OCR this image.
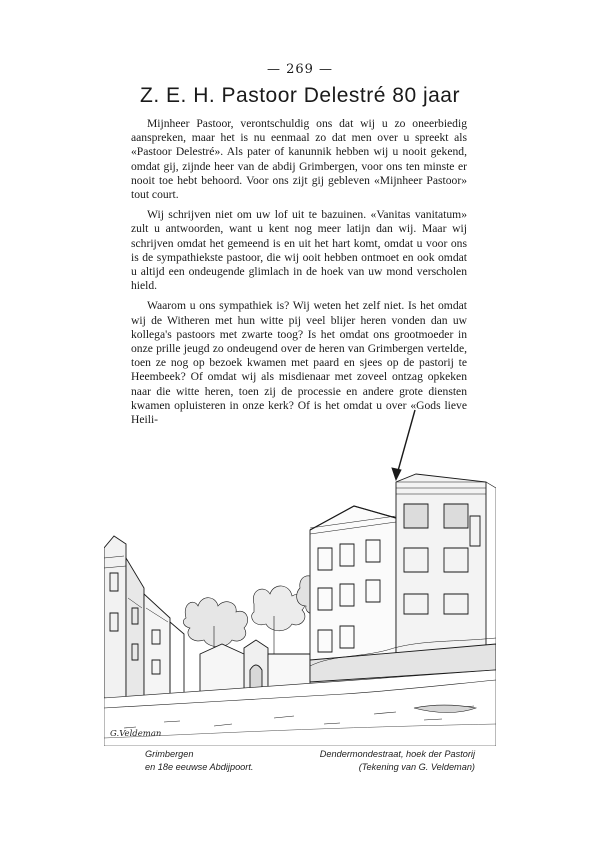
— 269 —
Z. E. H. Pastoor Delestré 80 jaar

Mijnheer Pastoor, verontschuldig ons dat wij u zo oneerbiedig aanspreken, maar het is nu eenmaal zo dat men over u spreekt als «Pastoor Delestré». Als pater of kanunnik hebben wij u nooit gekend, omdat gij, zijnde heer van de abdij Grimbergen, voor ons ten minste er nooit toe hebt behoord. Voor ons zijt gij gebleven «Mijnheer Pastoor» tout court.

Wij schrijven niet om uw lof uit te bazuinen. «Vanitas vanitatum» zult u antwoorden, want u kent nog meer latijn dan wij. Maar wij schrijven omdat het gemeend is en uit het hart komt, omdat u voor ons is de sympathiekste pastoor, die wij ooit hebben ontmoet en ook omdat u altijd een ondeugende glimlach in de hoek van uw mond verscholen hield.

Waarom u ons sympathiek is? Wij weten het zelf niet. Is het omdat wij de Witheren met hun witte pij veel blijer heren vonden dan uw kollega's pastoors met zwarte toog? Is het omdat ons grootmoeder in onze prille jeugd zo ondeugend over de heren van Grimbergen vertelde, toen ze nog op bezoek kwamen met paard en sjees op de pastorij te Heembeek? Of omdat wij als misdienaar met zoveel ontzag opkeken naar die witte heren, toen zij de processie en andere grote diensten kwamen opluisteren in onze kerk? Of is het omdat u over «Gods lieve Heili-

G.Veldeman
Grimbergen	Dendermondestraat, hoek der Pastorij
en 18e eeuwse Abdijpoort.	(Tekening van G. Veldeman)
